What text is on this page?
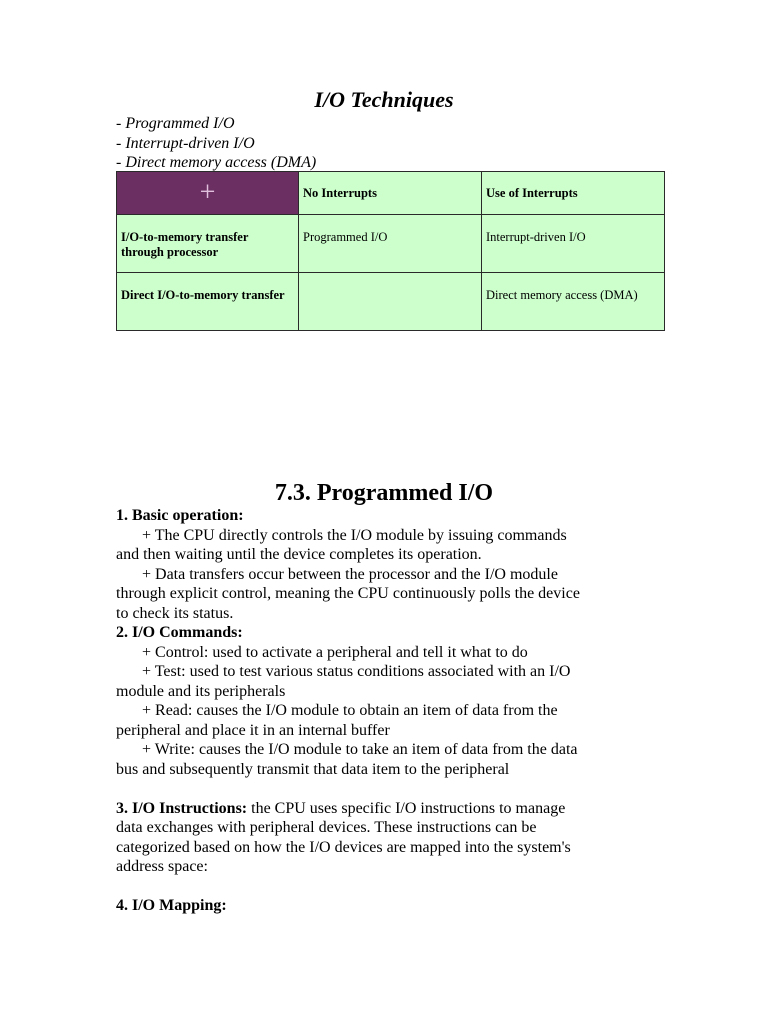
I/O Techniques
- Programmed I/O
- Interrupt-driven I/O
- Direct memory access (DMA)
+	No Interrupts	Use of Interrupts
I/O-to-memory transfer through processor	Programmed I/O	Interrupt-driven I/O
Direct I/O-to-memory transfer		Direct memory access (DMA)
7.3. Programmed I/O

1. Basic operation:

+ The CPU directly controls the I/O module by issuing commands

and then waiting until the device completes its operation.

+ Data transfers occur between the processor and the I/O module

through explicit control, meaning the CPU continuously polls the device

to check its status.

2. I/O Commands:

+ Control: used to activate a peripheral and tell it what to do

+ Test: used to test various status conditions associated with an I/O

module and its peripherals

+ Read: causes the I/O module to obtain an item of data from the

peripheral and place it in an internal buffer

+ Write: causes the I/O module to take an item of data from the data

bus and subsequently transmit that data item to the peripheral

3. I/O Instructions: the CPU uses specific I/O instructions to manage

data exchanges with peripheral devices. These instructions can be

categorized based on how the I/O devices are mapped into the system's

address space:

4. I/O Mapping:
